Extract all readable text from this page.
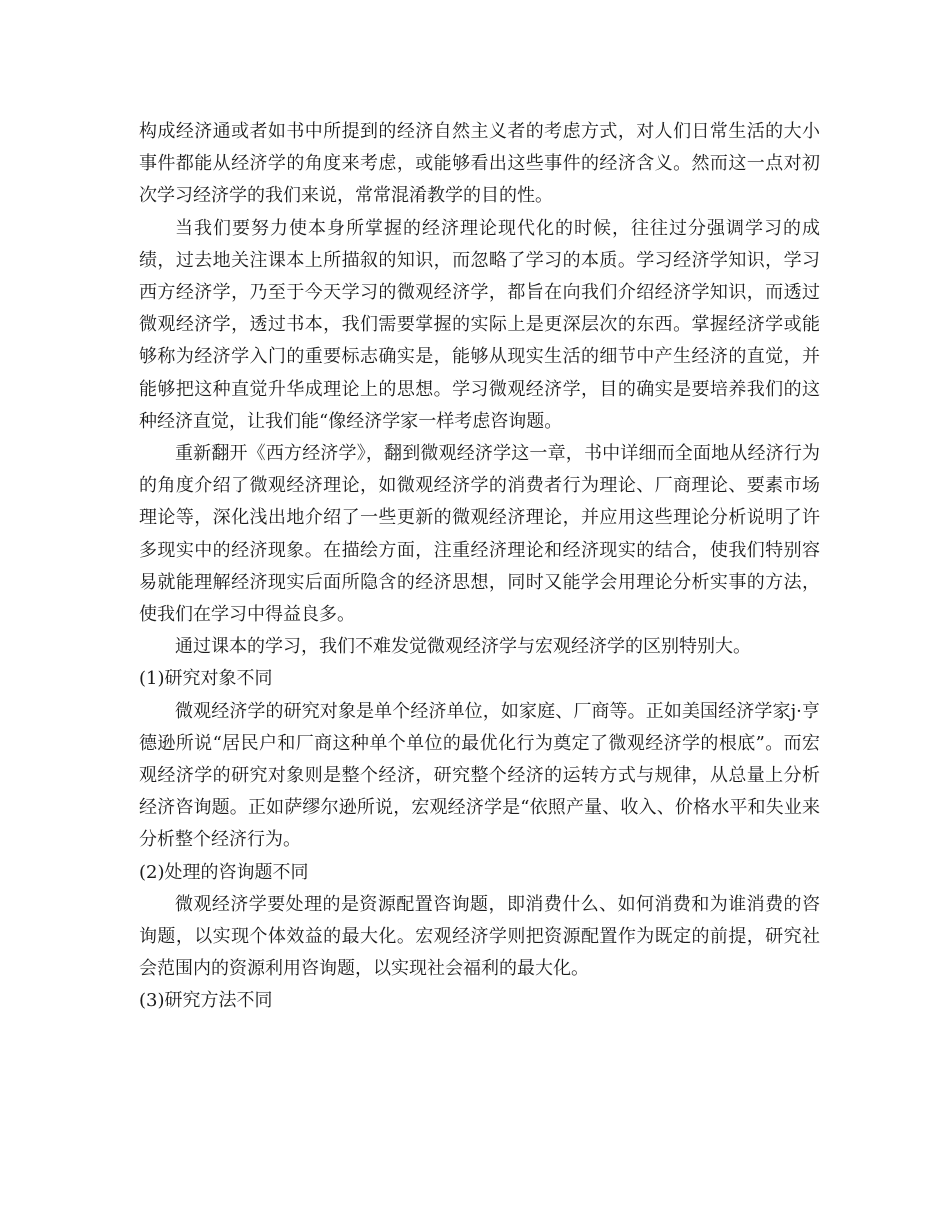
构成经济通或者如书中所提到的经济自然主义者的考虑方式，对人们日常生活的大小事件都能从经济学的角度来考虑，或能够看出这些事件的经济含义。然而这一点对初次学习经济学的我们来说，常常混淆教学的目的性。

当我们要努力使本身所掌握的经济理论现代化的时候，往往过分强调学习的成绩，过去地关注课本上所描叙的知识，而忽略了学习的本质。学习经济学知识，学习西方经济学，乃至于今天学习的微观经济学，都旨在向我们介绍经济学知识，而透过微观经济学，透过书本，我们需要掌握的实际上是更深层次的东西。掌握经济学或能够称为经济学入门的重要标志确实是，能够从现实生活的细节中产生经济的直觉，并能够把这种直觉升华成理论上的思想。学习微观经济学，目的确实是要培养我们的这种经济直觉，让我们能“像经济学家一样考虑咨询题。

重新翻开《西方经济学》，翻到微观经济学这一章，书中详细而全面地从经济行为的角度介绍了微观经济理论，如微观经济学的消费者行为理论、厂商理论、要素市场理论等，深化浅出地介绍了一些更新的微观经济理论，并应用这些理论分析说明了许多现实中的经济现象。在描绘方面，注重经济理论和经济现实的结合，使我们特别容易就能理解经济现实后面所隐含的经济思想，同时又能学会用理论分析实事的方法，使我们在学习中得益良多。

通过课本的学习，我们不难发觉微观经济学与宏观经济学的区别特别大。

(1)研究对象不同

微观经济学的研究对象是单个经济单位，如家庭、厂商等。正如美国经济学家j·亨德逊所说“居民户和厂商这种单个单位的最优化行为奠定了微观经济学的根底”。而宏观经济学的研究对象则是整个经济，研究整个经济的运转方式与规律，从总量上分析经济咨询题。正如萨缪尔逊所说，宏观经济学是“依照产量、收入、价格水平和失业来分析整个经济行为。

(2)处理的咨询题不同

微观经济学要处理的是资源配置咨询题，即消费什么、如何消费和为谁消费的咨询题，以实现个体效益的最大化。宏观经济学则把资源配置作为既定的前提，研究社会范围内的资源利用咨询题，以实现社会福利的最大化。

(3)研究方法不同
